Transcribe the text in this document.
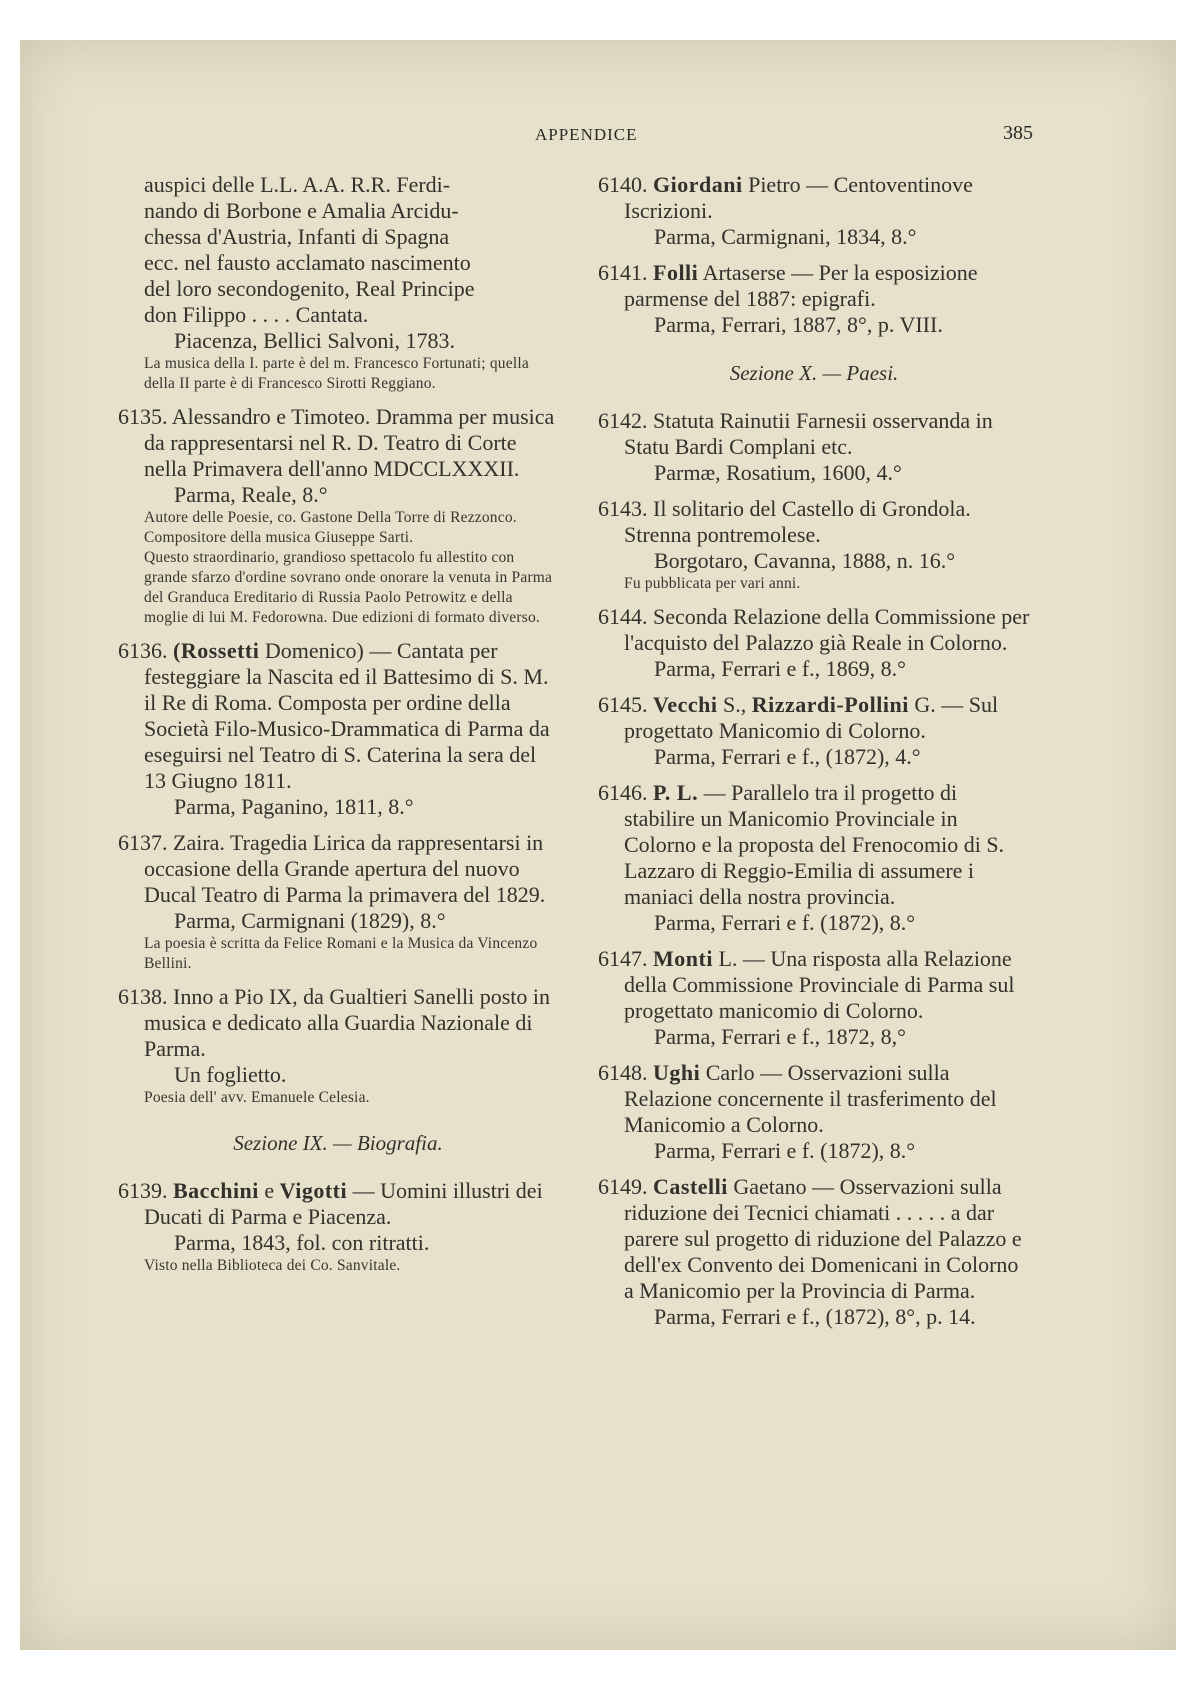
APPENDICE	385

auspici delle L.L. A.A. R.R. Ferdi-

nando di Borbone e Amalia Arcidu-

chessa d'Austria, Infanti di Spagna

ecc. nel fausto acclamato nascimento

del loro secondogenito, Real Principe

don Filippo . . . . Cantata.

Piacenza, Bellici Salvoni, 1783.

La musica della I. parte è del m. Francesco Fortunati; quella della II parte è di Francesco Sirotti Reggiano.

6135. Alessandro e Timoteo. Dramma per musica da rappresentarsi nel R. D. Teatro di Corte nella Primavera dell'anno MDCCLXXXII.

Parma, Reale, 8.°

Autore delle Poesie, co. Gastone Della Torre di Rezzonco. Compositore della musica Giuseppe Sarti.

Questo straordinario, grandioso spettacolo fu allestito con grande sfarzo d'ordine sovrano onde onorare la venuta in Parma del Granduca Ereditario di Russia Paolo Petrowitz e della moglie di lui M. Fedorowna. Due edizioni di formato diverso.

6136. (Rossetti Domenico) — Cantata per festeggiare la Nascita ed il Battesimo di S. M. il Re di Roma. Composta per ordine della Società Filo-Musico-Drammatica di Parma da eseguirsi nel Teatro di S. Caterina la sera del 13 Giugno 1811.

Parma, Paganino, 1811, 8.°

6137. Zaira. Tragedia Lirica da rappresentarsi in occasione della Grande apertura del nuovo Ducal Teatro di Parma la primavera del 1829.

Parma, Carmignani (1829), 8.°

La poesia è scritta da Felice Romani e la Musica da Vincenzo Bellini.

6138. Inno a Pio IX, da Gualtieri Sanelli posto in musica e dedicato alla Guardia Nazionale di Parma.

Un foglietto.

Poesia dell' avv. Emanuele Celesia.

Sezione IX. — Biografia.

6139. Bacchini e Vigotti — Uomini illustri dei Ducati di Parma e Piacenza.

Parma, 1843, fol. con ritratti.

Visto nella Biblioteca dei Co. Sanvitale.

6140. Giordani Pietro — Centoventinove Iscrizioni.

Parma, Carmignani, 1834, 8.°

6141. Folli Artaserse — Per la esposizione parmense del 1887: epigrafi.

Parma, Ferrari, 1887, 8°, p. VIII.

Sezione X. — Paesi.

6142. Statuta Rainutii Farnesii osservanda in Statu Bardi Complani etc.

Parmæ, Rosatium, 1600, 4.°

6143. Il solitario del Castello di Grondola. Strenna pontremolese.

Borgotaro, Cavanna, 1888, n. 16.°

Fu pubblicata per vari anni.

6144. Seconda Relazione della Commissione per l'acquisto del Palazzo già Reale in Colorno.

Parma, Ferrari e f., 1869, 8.°

6145. Vecchi S., Rizzardi-Pollini G. — Sul progettato Manicomio di Colorno.

Parma, Ferrari e f., (1872), 4.°

6146. P. L. — Parallelo tra il progetto di stabilire un Manicomio Provinciale in Colorno e la proposta del Frenocomio di S. Lazzaro di Reggio-Emilia di assumere i maniaci della nostra provincia.

Parma, Ferrari e f. (1872), 8.°

6147. Monti L. — Una risposta alla Relazione della Commissione Provinciale di Parma sul progettato manicomio di Colorno.

Parma, Ferrari e f., 1872, 8,°

6148. Ughi Carlo — Osservazioni sulla Relazione concernente il trasferimento del Manicomio a Colorno.

Parma, Ferrari e f. (1872), 8.°

6149. Castelli Gaetano — Osservazioni sulla riduzione dei Tecnici chiamati . . . . . a dar parere sul progetto di riduzione del Palazzo e dell'ex Convento dei Domenicani in Colorno a Manicomio per la Provincia di Parma.

Parma, Ferrari e f., (1872), 8°, p. 14.
